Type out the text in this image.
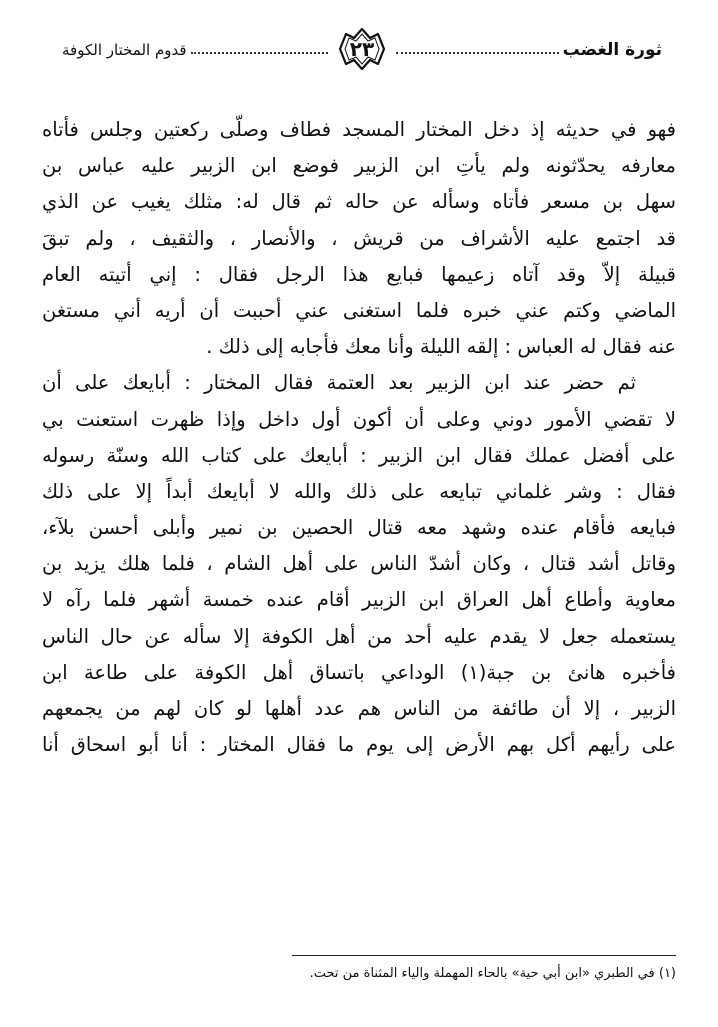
قدوم المختار الكوفة	٢٣	ثورة الغضب
فهو في حديثه إذ دخل المختار المسجد فطاف وصلّى ركعتين وجلس فأتاه
معارفه يحدّثونه ولم يأتِ ابن الزبير فوضع ابن الزبير عليه عباس بن
سهل بن مسعر فأتاه وسأله عن حاله ثم قال له: مثلك يغيب عن الذي
قد اجتمع عليه الأشراف من قريش ، والأنصار ، والثقيف ، ولم تبقَ
قبيلة إلاّ وقد آتاه زعيمها فبايع هذا الرجل فقال : إني أتيته العام
الماضي وكتم عني خبره فلما استغنى عني أحببت أن أريه أني مستغن
عنه فقال له العباس : إلقه الليلة وأنا معك فأجابه إلى ذلك .
ثم حضر عند ابن الزبير بعد العتمة فقال المختار : أبايعك على أن
لا تقضي الأمور دوني وعلى أن أكون أول داخل وإذا ظهرت استعنت بي
على أفضل عملك فقال ابن الزبير : أبايعك على كتاب الله وسنّة رسوله
فقال : وشر غلماني تبايعه على ذلك والله لا أبايعك أبداً إلا على ذلك
فبايعه فأقام عنده وشهد معه قتال الحصين بن نمير وأبلى أحسن بلآء،
وقاتل أشد قتال ، وكان أشدّ الناس على أهل الشام ، فلما هلك يزيد بن
معاوية وأطاع أهل العراق ابن الزبير أقام عنده خمسة أشهر فلما رآه لا
يستعمله جعل لا يقدم عليه أحد من أهل الكوفة إلا سأله عن حال الناس
فأخبره هانئ بن جبة(١) الوداعي باتساق أهل الكوفة على طاعة ابن
الزبير ، إلا أن طائفة من الناس هم عدد أهلها لو كان لهم من يجمعهم
على رأيهم أكل بهم الأرض إلى يوم ما فقال المختار : أنا أبو اسحاق أنا
(١) في الطبري «ابن أبي حية» بالحاء المهملة والياء المثناة من تحت.
